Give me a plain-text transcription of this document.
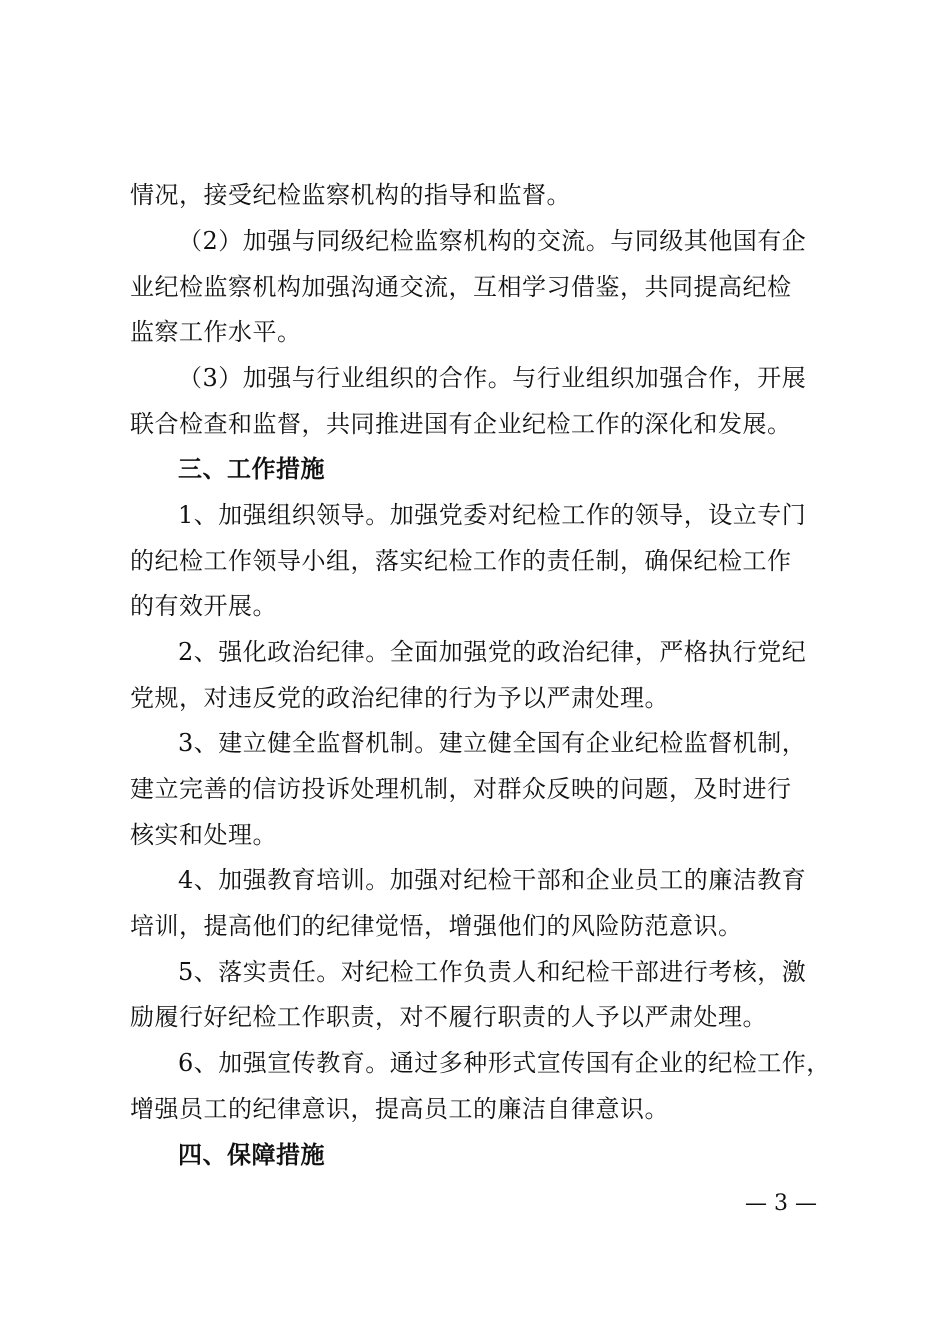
情况，接受纪检监察机构的指导和监督。
（2）加强与同级纪检监察机构的交流。与同级其他国有企
业纪检监察机构加强沟通交流，互相学习借鉴，共同提高纪检
监察工作水平。
（3）加强与行业组织的合作。与行业组织加强合作，开展
联合检查和监督，共同推进国有企业纪检工作的深化和发展。
三、工作措施
1、加强组织领导。加强党委对纪检工作的领导，设立专门
的纪检工作领导小组，落实纪检工作的责任制，确保纪检工作
的有效开展。
2、强化政治纪律。全面加强党的政治纪律，严格执行党纪
党规，对违反党的政治纪律的行为予以严肃处理。
3、建立健全监督机制。建立健全国有企业纪检监督机制，
建立完善的信访投诉处理机制，对群众反映的问题，及时进行
核实和处理。
4、加强教育培训。加强对纪检干部和企业员工的廉洁教育
培训，提高他们的纪律觉悟，增强他们的风险防范意识。
5、落实责任。对纪检工作负责人和纪检干部进行考核，激
励履行好纪检工作职责，对不履行职责的人予以严肃处理。
6、加强宣传教育。通过多种形式宣传国有企业的纪检工作，
增强员工的纪律意识，提高员工的廉洁自律意识。
四、保障措施
— 3 —
